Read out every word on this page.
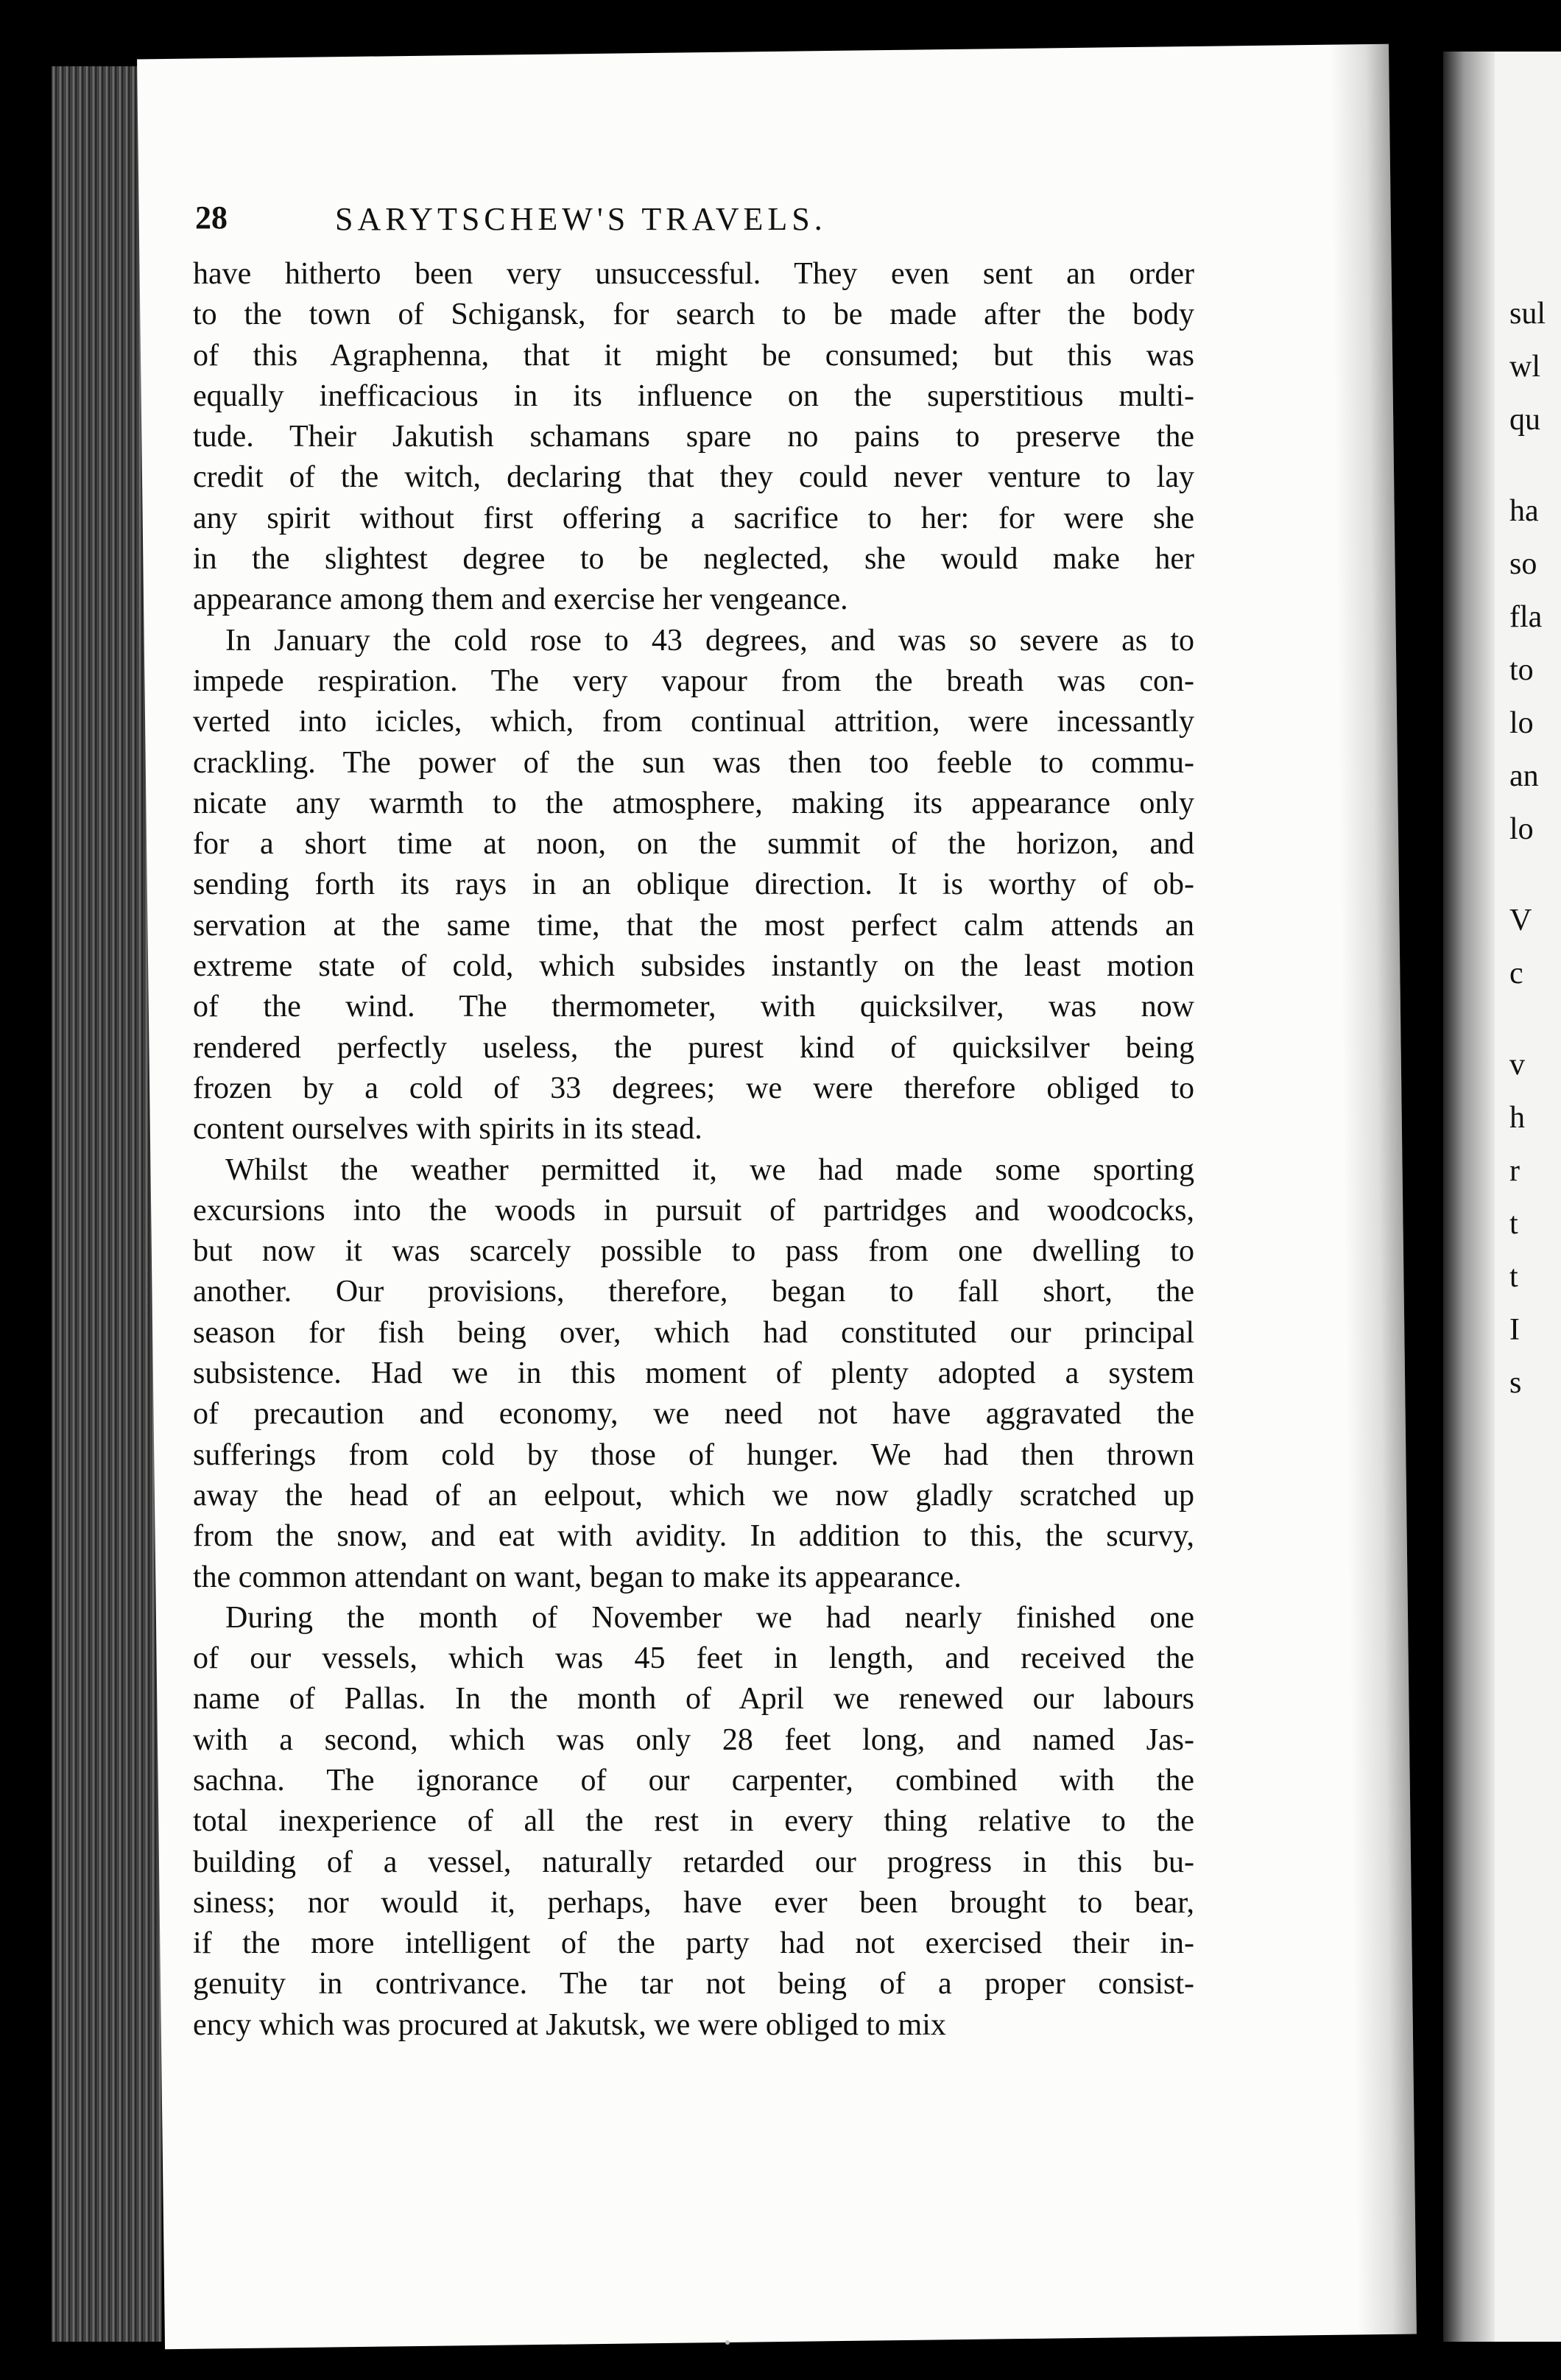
28	SARYTSCHEW'S TRAVELS.
have hitherto been very unsuccessful. They even sent an order
to the town of Schigansk, for search to be made after the body
of this Agraphenna, that it might be consumed; but this was
equally inefficacious in its influence on the superstitious multi-
tude. Their Jakutish schamans spare no pains to preserve the
credit of the witch, declaring that they could never venture to lay
any spirit without first offering a sacrifice to her: for were she
in the slightest degree to be neglected, she would make her
appearance among them and exercise her vengeance.
In January the cold rose to 43 degrees, and was so severe as to
impede respiration. The very vapour from the breath was con-
verted into icicles, which, from continual attrition, were incessantly
crackling. The power of the sun was then too feeble to commu-
nicate any warmth to the atmosphere, making its appearance only
for a short time at noon, on the summit of the horizon, and
sending forth its rays in an oblique direction. It is worthy of ob-
servation at the same time, that the most perfect calm attends an
extreme state of cold, which subsides instantly on the least motion
of the wind. The thermometer, with quicksilver, was now
rendered perfectly useless, the purest kind of quicksilver being
frozen by a cold of 33 degrees; we were therefore obliged to
content ourselves with spirits in its stead.
Whilst the weather permitted it, we had made some sporting
excursions into the woods in pursuit of partridges and woodcocks,
but now it was scarcely possible to pass from one dwelling to
another. Our provisions, therefore, began to fall short, the
season for fish being over, which had constituted our principal
subsistence. Had we in this moment of plenty adopted a system
of precaution and economy, we need not have aggravated the
sufferings from cold by those of hunger. We had then thrown
away the head of an eelpout, which we now gladly scratched up
from the snow, and eat with avidity. In addition to this, the scurvy,
the common attendant on want, began to make its appearance.
During the month of November we had nearly finished one
of our vessels, which was 45 feet in length, and received the
name of Pallas. In the month of April we renewed our labours
with a second, which was only 28 feet long, and named Jas-
sachna. The ignorance of our carpenter, combined with the
total inexperience of all the rest in every thing relative to the
building of a vessel, naturally retarded our progress in this bu-
siness; nor would it, perhaps, have ever been brought to bear,
if the more intelligent of the party had not exercised their in-
genuity in contrivance. The tar not being of a proper consist-
ency which was procured at Jakutsk, we were obliged to mix
sul
wl
qu
ha
so
fla
to
lo
an
lo
V
c
v
h
r
t
t
I
s
